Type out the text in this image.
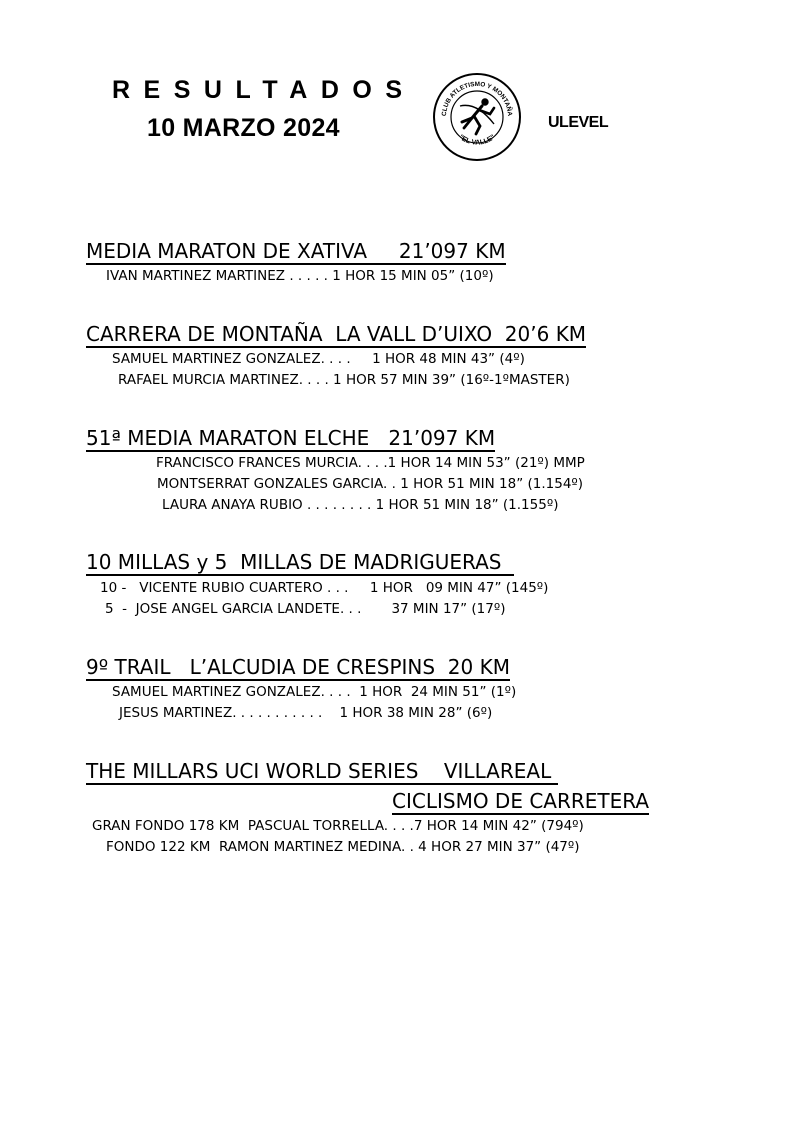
RESULTADOS
10 MARZO 2024
CLUB ATLETISMO Y MONTAÑA
"EL VALLE"
ULEVEL
MEDIA MARATON DE XATIVA     21’097 KM
IVAN MARTINEZ MARTINEZ . . . . . 1 HOR 15 MIN 05” (10º)
CARRERA DE MONTAÑA  LA VALL D’UIXO  20’6 KM
SAMUEL MARTINEZ GONZALEZ. . . .     1 HOR 48 MIN 43” (4º)
RAFAEL MURCIA MARTINEZ. . . . 1 HOR 57 MIN 39” (16º-1ºMASTER)
51ª MEDIA MARATON ELCHE   21’097 KM
FRANCISCO FRANCES MURCIA. . . .1 HOR 14 MIN 53” (21º) MMP
MONTSERRAT GONZALES GARCIA. . 1 HOR 51 MIN 18” (1.154º)
LAURA ANAYA RUBIO . . . . . . . . 1 HOR 51 MIN 18” (1.155º)
10 MILLAS y 5  MILLAS DE MADRIGUERAS
10 -   VICENTE RUBIO CUARTERO . . .     1 HOR   09 MIN 47” (145º)
5  -  JOSE ANGEL GARCIA LANDETE. . .       37 MIN 17” (17º)
9º TRAIL   L’ALCUDIA DE CRESPINS  20 KM
SAMUEL MARTINEZ GONZALEZ. . . .  1 HOR  24 MIN 51” (1º)
JESUS MARTINEZ. . . . . . . . . . .    1 HOR 38 MIN 28” (6º)
THE MILLARS UCI WORLD SERIES    VILLAREAL
CICLISMO DE CARRETERA
GRAN FONDO 178 KM  PASCUAL TORRELLA. . . .7 HOR 14 MIN 42” (794º)
FONDO 122 KM  RAMON MARTINEZ MEDINA. . 4 HOR 27 MIN 37” (47º)
